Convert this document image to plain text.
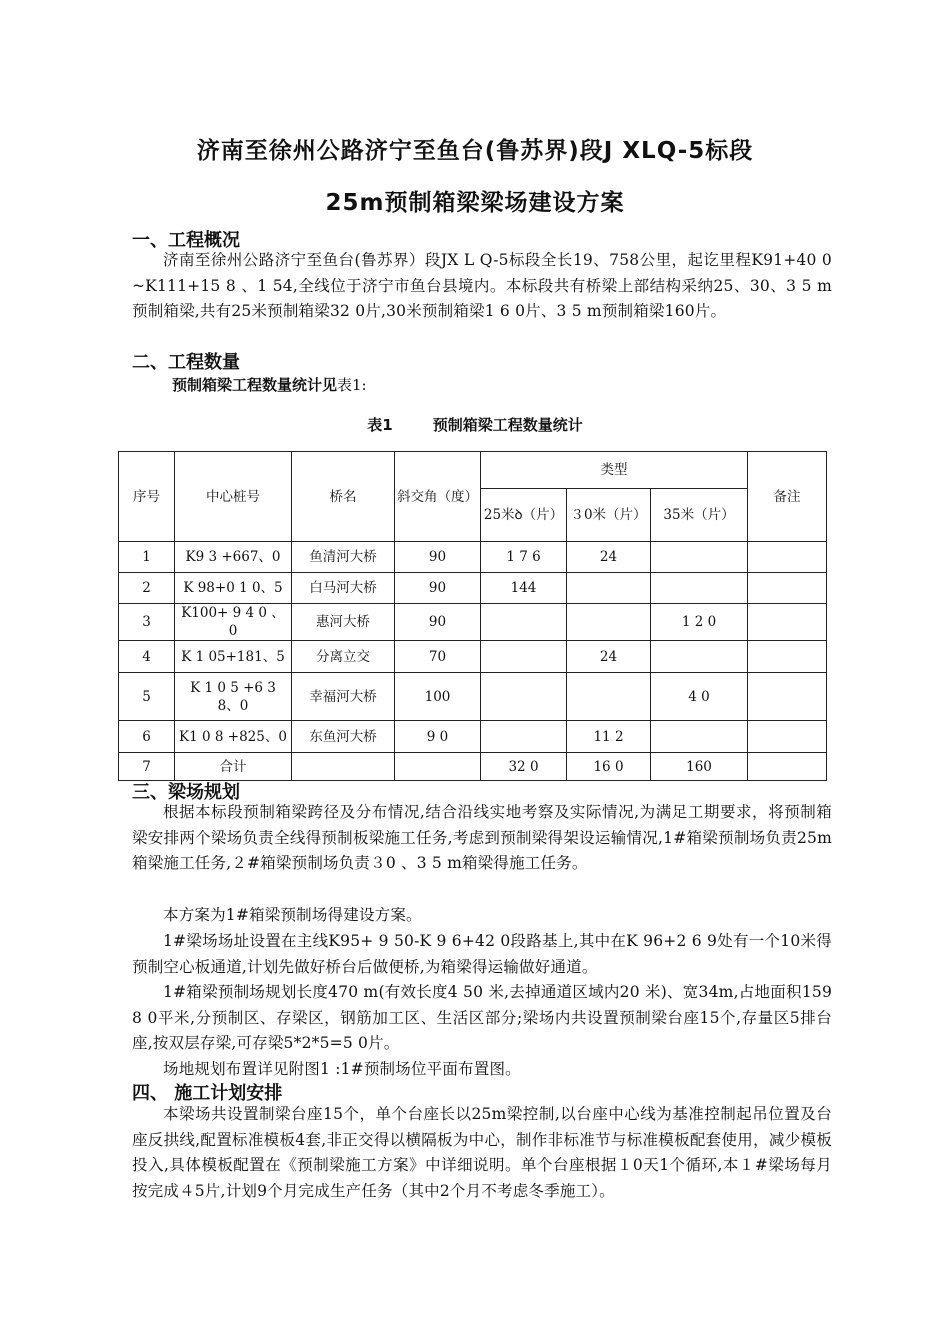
济南至徐州公路济宁至鱼台(鲁苏界)段J XLQ-5标段
25m预制箱梁梁场建设方案
一、工程概况
济南至徐州公路济宁至鱼台(鲁苏界）段JX L Q-5标段全长19、758公里，起讫里程K91+40 0 ~K111+15 8 、1 54,全线位于济宁市鱼台县境内。本标段共有桥梁上部结构采纳25、30、3 5 m预制箱梁,共有25米预制箱梁32 0片,30米预制箱梁1 6 0片、3 5 m预制箱梁160片。
二、工程数量
预制箱梁工程数量统计见表1:
表1	预制箱梁工程数量统计
序号	中心桩号	桥名	斜交角（度）	类型			备注
				25米ꝺ（片）	３0米（片）	35米（片）	
1	K9 3 +667、0	鱼清河大桥	90	1 7 6	24		
2	K 98+0 1 0、5	白马河大桥	90	144			
3	K100+ 9 4 0 、0	惠河大桥	90			1 2 0	
4	K 1 05+181、5	分离立交	70		24		
5	K 1 0 5 +6 3 8、0	幸福河大桥	100			4 0	
6	K1 0 8 +825、0	东鱼河大桥	9 0		11 2		
7	合计			32 0	16 0	160	
三、梁场规划
根据本标段预制箱梁跨径及分布情况,结合沿线实地考察及实际情况,为满足工期要求，将预制箱梁安排两个梁场负责全线得预制板梁施工任务,考虑到预制梁得架设运输情况,1#箱梁预制场负责25m箱梁施工任务,２#箱梁预制场负责３0 、3 5 m箱梁得施工任务。
本方案为1#箱梁预制场得建设方案。
1#梁场场址设置在主线K95+ 9 50-K 9 6+42 0段路基上,其中在K 96+2 6 9处有一个10米得预制空心板通道,计划先做好桥台后做便桥,为箱梁得运输做好通道。
1#箱梁预制场规划长度470 m(有效长度4 50 米,去掉通道区域内20 米)、宽34m,占地面积159 8 0平米,分预制区、存梁区，钢筋加工区、生活区部分;梁场内共设置预制梁台座15个,存量区5排台座,按双层存梁,可存梁5*2*5=5 0片。
场地规划布置详见附图1 :1#预制场位平面布置图。
四、 施工计划安排
本梁场共设置制梁台座15个，单个台座长以25m梁控制,以台座中心线为基准控制起吊位置及台座反拱线,配置标准模板4套,非正交得以横隔板为中心，制作非标准节与标准模板配套使用，减少模板投入,具体模板配置在《预制梁施工方案》中详细说明。单个台座根据１0天1个循环,本１#梁场每月按完成４5片,计划9个月完成生产任务（其中2个月不考虑冬季施工）。
